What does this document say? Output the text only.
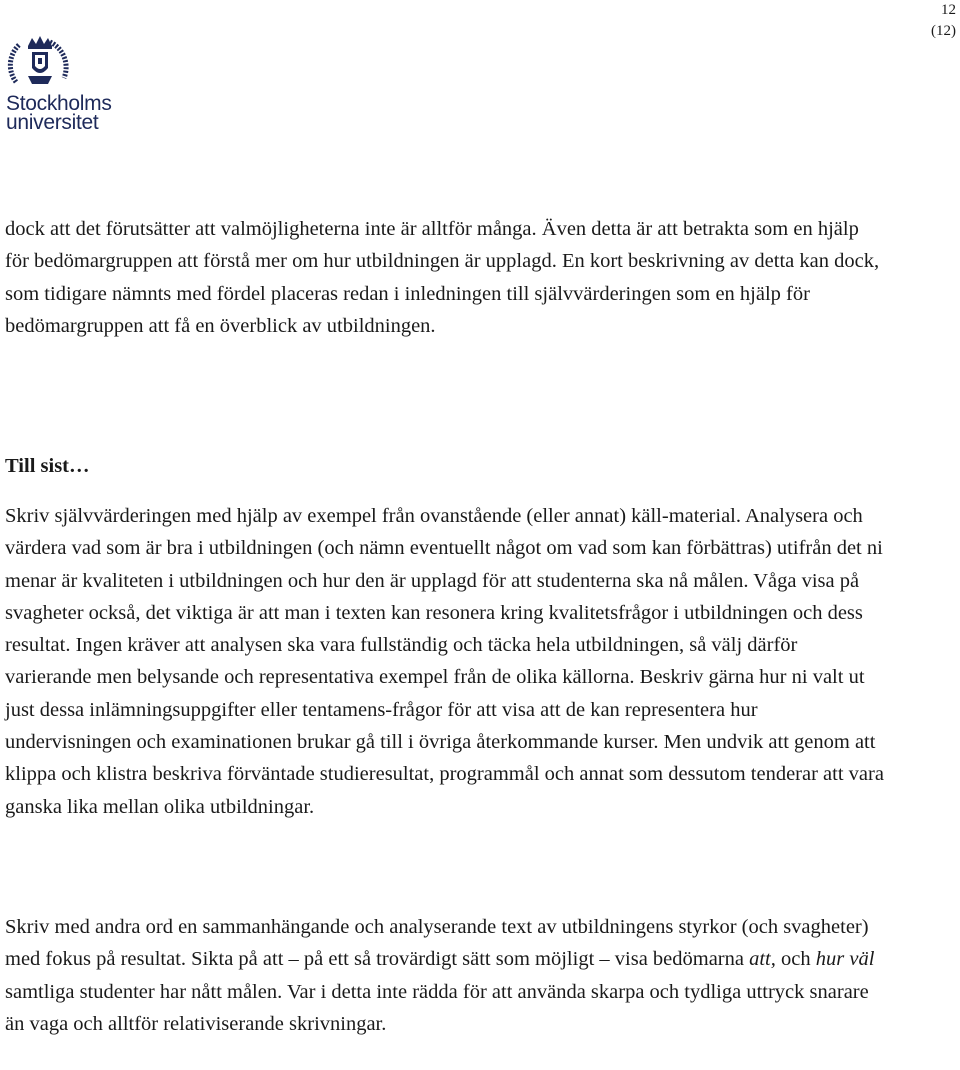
12
(12)
Stockholms
universitet

dock att det förutsätter att valmöjligheterna inte är alltför många. Även detta är att betrakta som en hjälp för bedömargruppen att förstå mer om hur utbildningen är upplagd. En kort beskrivning av detta kan dock, som tidigare nämnts med fördel placeras redan i inledningen till självvärderingen som en hjälp för bedömargruppen att få en överblick av utbildningen.

Till sist…

Skriv självvärderingen med hjälp av exempel från ovanstående (eller annat) käll-material. Analysera och värdera vad som är bra i utbildningen (och nämn eventuellt något om vad som kan förbättras) utifrån det ni menar är kvaliteten i utbildningen och hur den är upplagd för att studenterna ska nå målen. Våga visa på svagheter också, det viktiga är att man i texten kan resonera kring kvalitetsfrågor i utbildningen och dess resultat. Ingen kräver att analysen ska vara fullständig och täcka hela utbildningen, så välj därför varierande men belysande och representativa exempel från de olika källorna. Beskriv gärna hur ni valt ut just dessa inlämningsuppgifter eller tentamens-frågor för att visa att de kan representera hur undervisningen och examinationen brukar gå till i övriga återkommande kurser. Men undvik att genom att klippa och klistra beskriva förväntade studieresultat, programmål och annat som dessutom tenderar att vara ganska lika mellan olika utbildningar.

Skriv med andra ord en sammanhängande och analyserande text av utbildningens styrkor (och svagheter) med fokus på resultat. Sikta på att – på ett så trovärdigt sätt som möjligt – visa bedömarna att, och hur väl samtliga studenter har nått målen. Var i detta inte rädda för att använda skarpa och tydliga uttryck snarare än vaga och alltför relativiserande skrivningar.
